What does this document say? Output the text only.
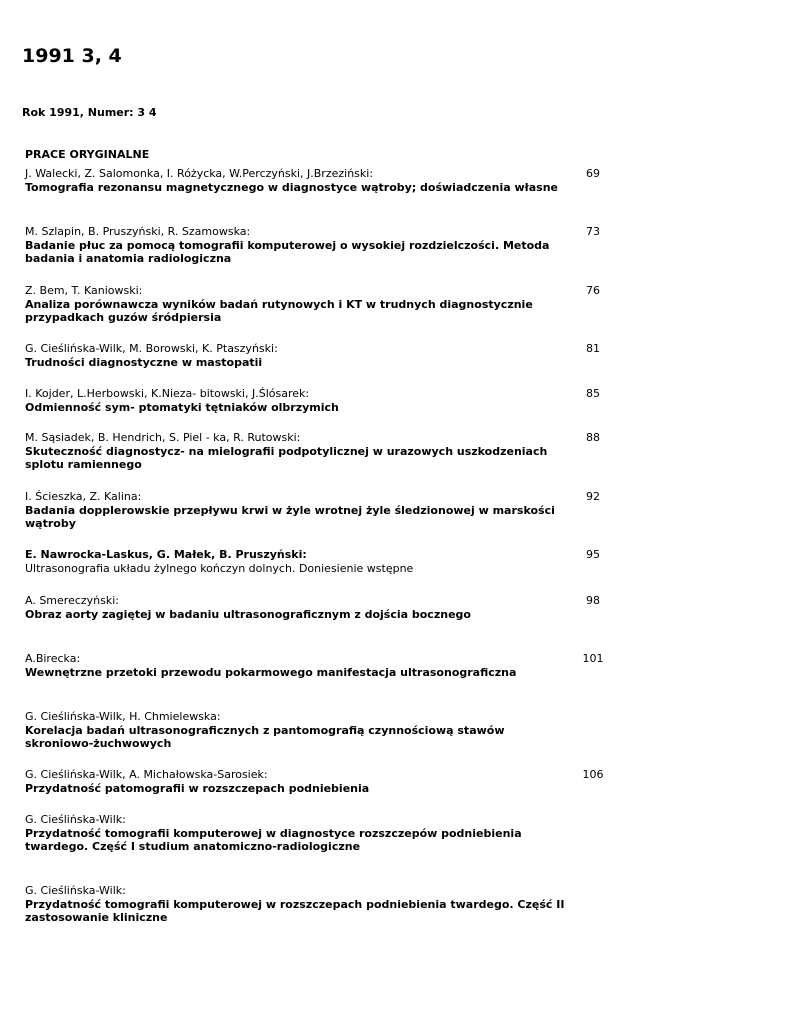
1991 3, 4
Rok 1991, Numer: 3 4
PRACE ORYGINALNE
J. Walecki, Z. Salomonka, I. Różycka, W.Perczyński, J.Brzeziński:
Tomografia rezonansu magnetycznego w diagnostyce wątroby; doświadczenia własne
69
M. Szlapin, B. Pruszyński, R. Szamowska:
Badanie płuc za pomocą tomografii komputerowej o wysokiej rozdzielczości. Metoda badania i anatomia radiologiczna
73
Z. Bem, T. Kaniowski:
Analiza porównawcza wyników badań rutynowych i KT w trudnych diagnostycznie przypadkach guzów śródpiersia
76
G. Cieślińska-Wilk, M. Borowski, K. Ptaszyński:
Trudności diagnostyczne w mastopatii
81
I. Kojder, L.Herbowski, K.Nieza- bitowski, J.Ślósarek:
Odmienność sym- ptomatyki tętniaków olbrzymich
85
M. Sąsiadek, B. Hendrich, S. Piel - ka, R. Rutowski:
Skuteczność diagnostycz- na mielografii podpotylicznej w urazowych uszkodzeniach splotu ramiennego
88
I. Ścieszka, Z. Kalina:
Badania dopplerowskie przepływu krwi w żyle wrotnej żyle śledzionowej w marskości wątroby
92
E. Nawrocka-Laskus, G. Małek, B. Pruszyński:
Ultrasonografia układu żylnego kończyn dolnych. Doniesienie wstępne
95
A. Smereczyński:
Obraz aorty zagiętej w badaniu ultrasonograficznym z dojścia bocznego
98
A.Birecka:
Wewnętrzne przetoki przewodu pokarmowego manifestacja ultrasonograficzna
101
G. Cieślińska-Wilk, H. Chmielewska:
Korelacja badań ultrasonograficznych z pantomografią czynnościową stawów skroniowo-żuchwowych
G. Cieślińska-Wilk, A. Michałowska-Sarosiek:
Przydatność patomografii w rozszczepach podniebienia
106
G. Cieślińska-Wilk:
Przydatność tomografii komputerowej w diagnostyce rozszczepów podniebienia twardego. Część I studium anatomiczno-radiologiczne
G. Cieślińska-Wilk:
Przydatność tomografii komputerowej w rozszczepach podniebienia twardego. Część II zastosowanie kliniczne
